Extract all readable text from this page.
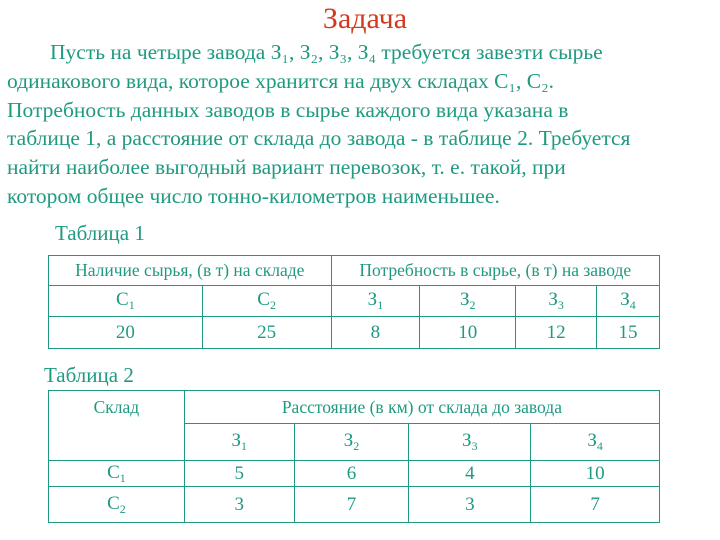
Задача
Пусть на четыре завода З₁, З₂, З₃, З₄ требуется завезти сырье
одинакового вида, которое хранится на двух складах С₁, С₂.
Потребность данных заводов в сырье каждого вида указана в
таблице 1, а расстояние от склада до завода - в таблице 2. Требуется
найти наиболее выгодный вариант перевозок, т. е. такой, при
котором общее число тонно-километров наименьшее.
Таблица 1
Наличие сырья, (в т) на складе		Потребность в сырье, (в т) на заводе			
$С_1$	$С_2$	$З_1$	$З_2$	$З_3$	$З_4$
20	25	8	10	12	15
Таблица 2
Склад	Расстояние (в км) от склада до завода			
	$З_1$	$З_2$	$З_3$	$З_4$
$С_1$	5	6	4	10
$С_2$	3	7	3	7
